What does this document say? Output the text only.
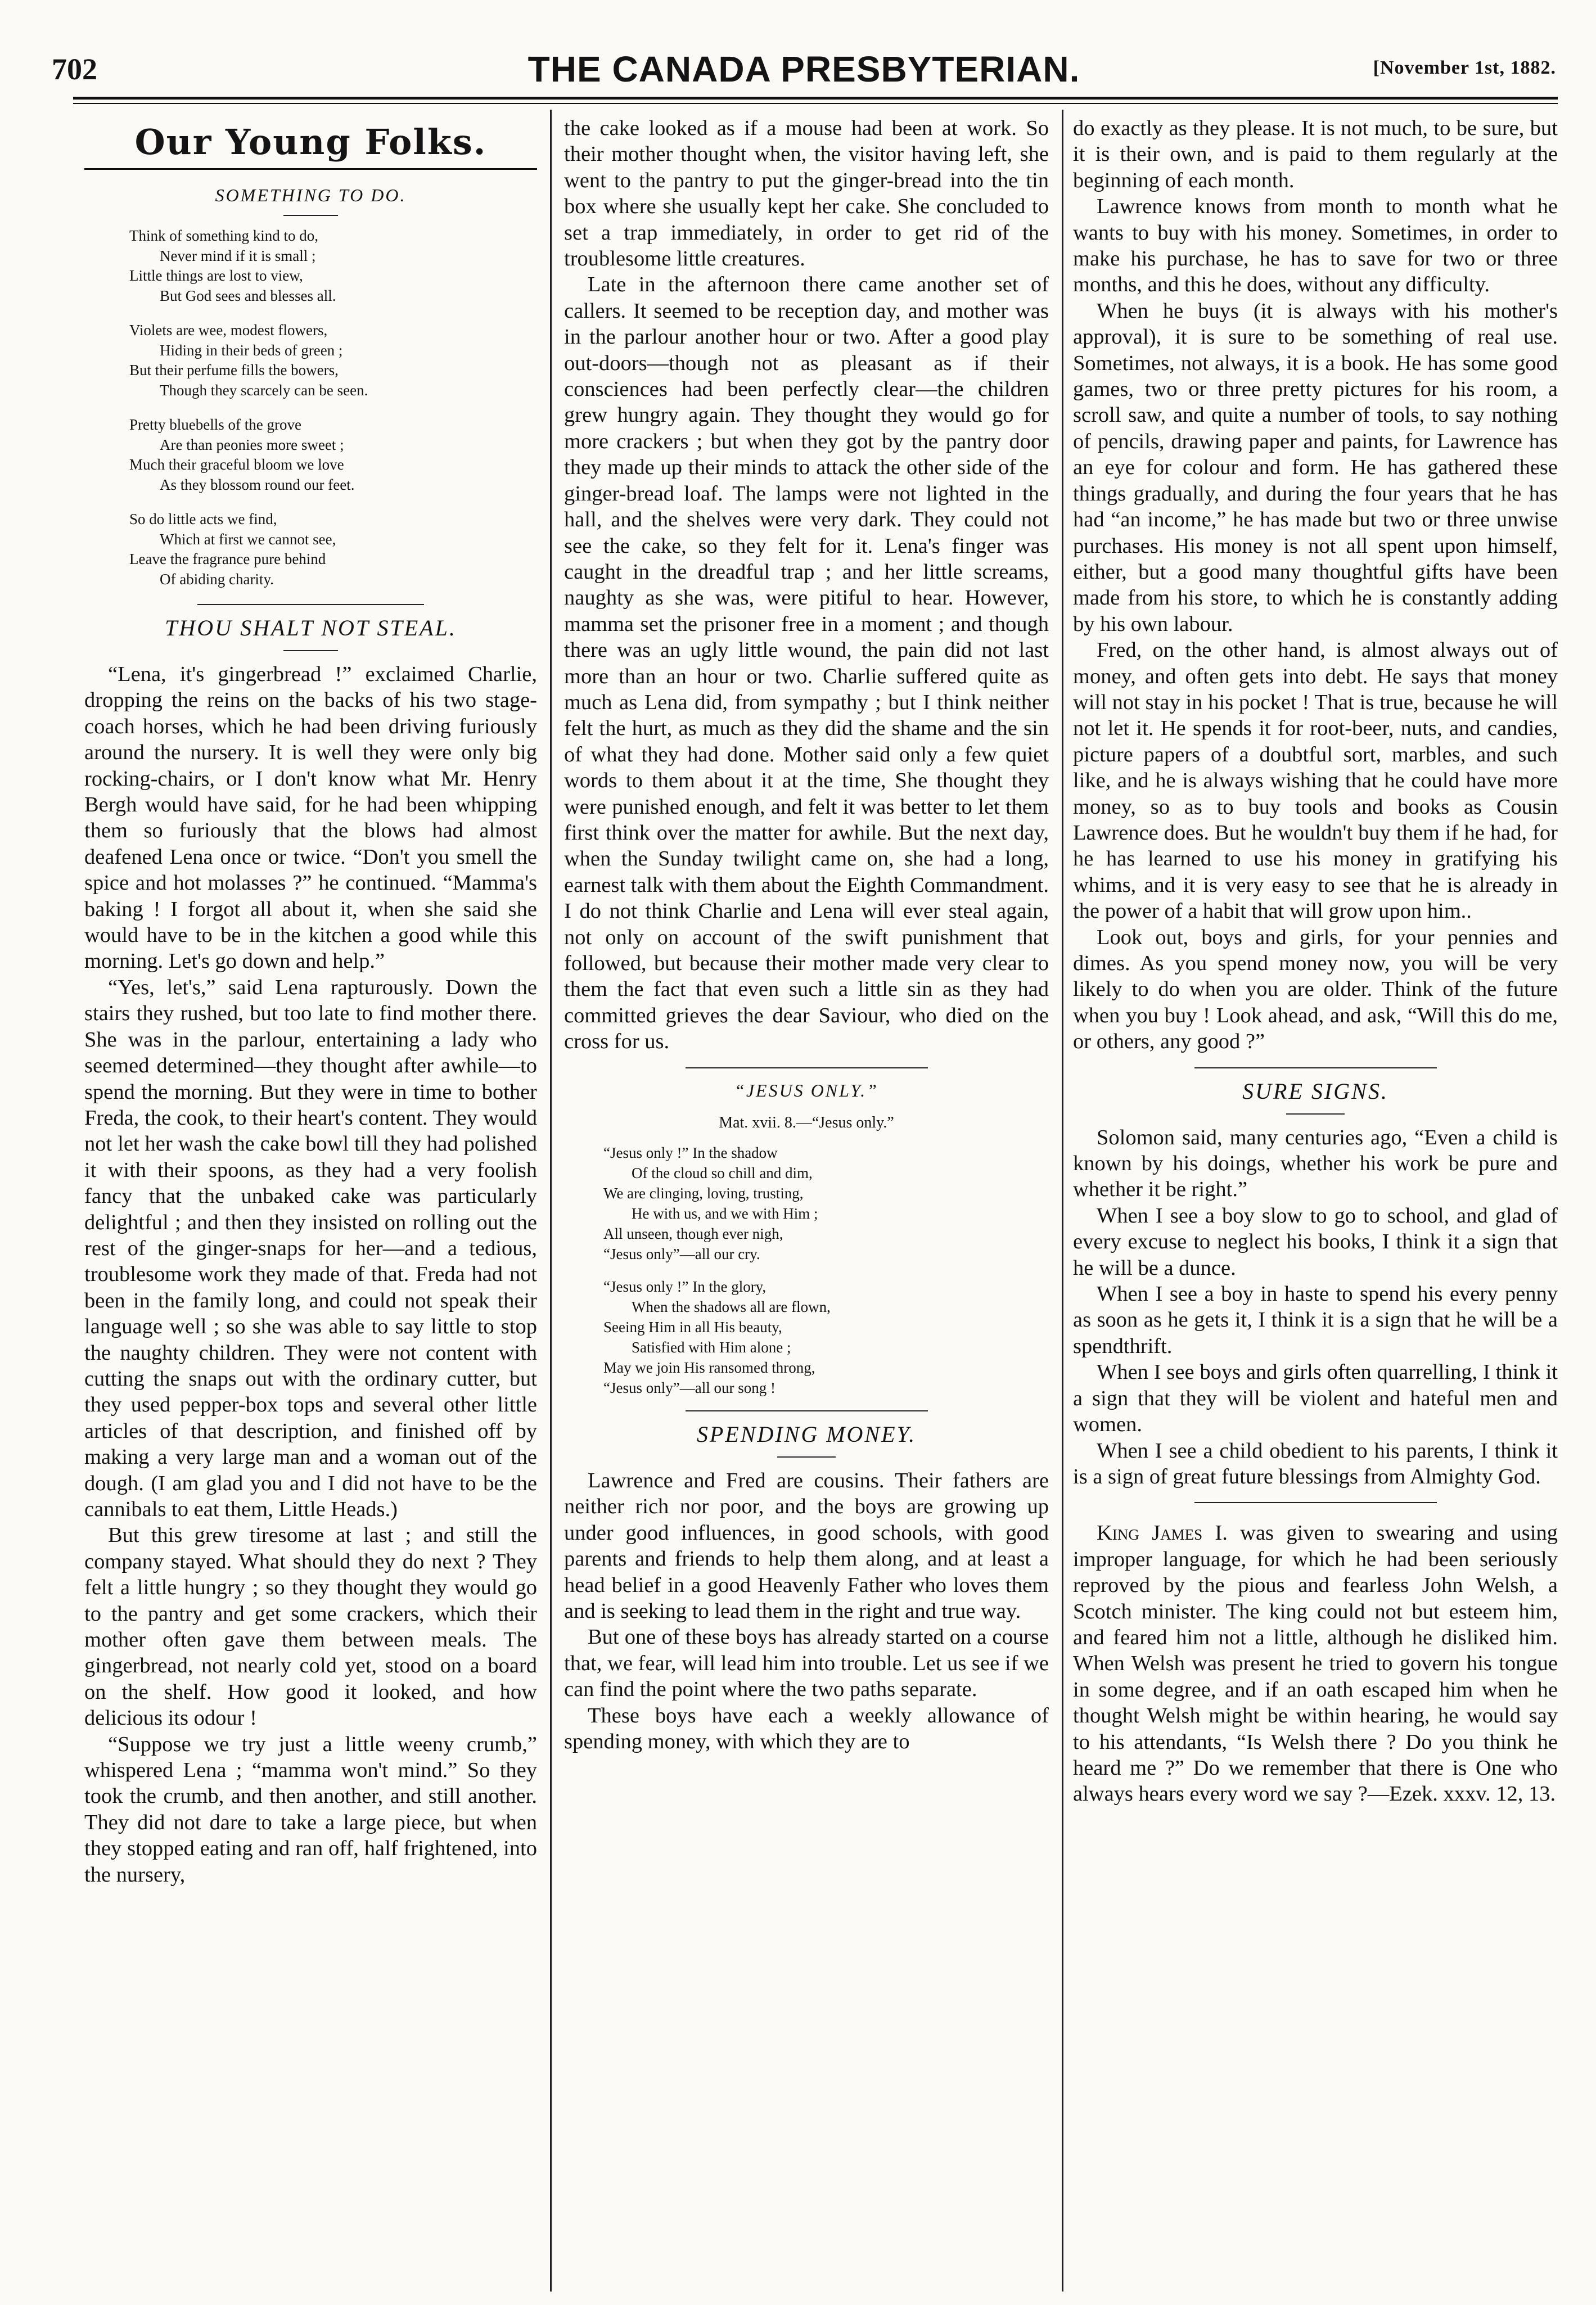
702	THE CANADA PRESBYTERIAN.	[November 1st, 1882.
Our Young Folks.
SOMETHING TO DO.
Think of something kind to do,
Never mind if it is small ;
Little things are lost to view,
But God sees and blesses all.
Violets are wee, modest flowers,
Hiding in their beds of green ;
But their perfume fills the bowers,
Though they scarcely can be seen.
Pretty bluebells of the grove
Are than peonies more sweet ;
Much their graceful bloom we love
As they blossom round our feet.
So do little acts we find,
Which at first we cannot see,
Leave the fragrance pure behind
Of abiding charity.
THOU SHALT NOT STEAL.

“Lena, it's gingerbread !” exclaimed Charlie, dropping the reins on the backs of his two stage-coach horses, which he had been driving furiously around the nursery. It is well they were only big rocking-chairs, or I don't know what Mr. Henry Bergh would have said, for he had been whipping them so furiously that the blows had almost deafened Lena once or twice. “Don't you smell the spice and hot molasses ?” he continued. “Mamma's baking ! I forgot all about it, when she said she would have to be in the kitchen a good while this morning. Let's go down and help.”

“Yes, let's,” said Lena rapturously. Down the stairs they rushed, but too late to find mother there. She was in the parlour, entertaining a lady who seemed determined—they thought after awhile—to spend the morning. But they were in time to bother Freda, the cook, to their heart's content. They would not let her wash the cake bowl till they had polished it with their spoons, as they had a very foolish fancy that the unbaked cake was particularly delightful ; and then they insisted on rolling out the rest of the ginger-snaps for her—and a tedious, troublesome work they made of that. Freda had not been in the family long, and could not speak their language well ; so she was able to say little to stop the naughty children. They were not content with cutting the snaps out with the ordinary cutter, but they used pepper-box tops and several other little articles of that description, and finished off by making a very large man and a woman out of the dough. (I am glad you and I did not have to be the cannibals to eat them, Little Heads.)

But this grew tiresome at last ; and still the company stayed. What should they do next ? They felt a little hungry ; so they thought they would go to the pantry and get some crackers, which their mother often gave them between meals. The gingerbread, not nearly cold yet, stood on a board on the shelf. How good it looked, and how delicious its odour !

“Suppose we try just a little weeny crumb,” whispered Lena ; “mamma won't mind.” So they took the crumb, and then another, and still another. They did not dare to take a large piece, but when they stopped eating and ran off, half frightened, into the nursery,

the cake looked as if a mouse had been at work. So their mother thought when, the visitor having left, she went to the pantry to put the ginger-bread into the tin box where she usually kept her cake. She concluded to set a trap immediately, in order to get rid of the troublesome little creatures.

Late in the afternoon there came another set of callers. It seemed to be reception day, and mother was in the parlour another hour or two. After a good play out-doors—though not as pleasant as if their consciences had been perfectly clear—the children grew hungry again. They thought they would go for more crackers ; but when they got by the pantry door they made up their minds to attack the other side of the ginger-bread loaf. The lamps were not lighted in the hall, and the shelves were very dark. They could not see the cake, so they felt for it. Lena's finger was caught in the dreadful trap ; and her little screams, naughty as she was, were pitiful to hear. However, mamma set the prisoner free in a moment ; and though there was an ugly little wound, the pain did not last more than an hour or two. Charlie suffered quite as much as Lena did, from sympathy ; but I think neither felt the hurt, as much as they did the shame and the sin of what they had done. Mother said only a few quiet words to them about it at the time, She thought they were punished enough, and felt it was better to let them first think over the matter for awhile. But the next day, when the Sunday twilight came on, she had a long, earnest talk with them about the Eighth Commandment. I do not think Charlie and Lena will ever steal again, not only on account of the swift punishment that followed, but because their mother made very clear to them the fact that even such a little sin as they had committed grieves the dear Saviour, who died on the cross for us.

“JESUS ONLY.”
Mat. xvii. 8.—“Jesus only.”
“Jesus only !” In the shadow
Of the cloud so chill and dim,
We are clinging, loving, trusting,
He with us, and we with Him ;
All unseen, though ever nigh,
“Jesus only”—all our cry.
“Jesus only !” In the glory,
When the shadows all are flown,
Seeing Him in all His beauty,
Satisfied with Him alone ;
May we join His ransomed throng,
“Jesus only”—all our song !
SPENDING MONEY.

Lawrence and Fred are cousins. Their fathers are neither rich nor poor, and the boys are growing up under good influences, in good schools, with good parents and friends to help them along, and at least a head belief in a good Heavenly Father who loves them and is seeking to lead them in the right and true way.

But one of these boys has already started on a course that, we fear, will lead him into trouble. Let us see if we can find the point where the two paths separate.

These boys have each a weekly allowance of spending money, with which they are to

do exactly as they please. It is not much, to be sure, but it is their own, and is paid to them regularly at the beginning of each month.

Lawrence knows from month to month what he wants to buy with his money. Sometimes, in order to make his purchase, he has to save for two or three months, and this he does, without any difficulty.

When he buys (it is always with his mother's approval), it is sure to be something of real use. Sometimes, not always, it is a book. He has some good games, two or three pretty pictures for his room, a scroll saw, and quite a number of tools, to say nothing of pencils, drawing paper and paints, for Lawrence has an eye for colour and form. He has gathered these things gradually, and during the four years that he has had “an income,” he has made but two or three unwise purchases. His money is not all spent upon himself, either, but a good many thoughtful gifts have been made from his store, to which he is constantly adding by his own labour.

Fred, on the other hand, is almost always out of money, and often gets into debt. He says that money will not stay in his pocket ! That is true, because he will not let it. He spends it for root-beer, nuts, and candies, picture papers of a doubtful sort, marbles, and such like, and he is always wishing that he could have more money, so as to buy tools and books as Cousin Lawrence does. But he wouldn't buy them if he had, for he has learned to use his money in gratifying his whims, and it is very easy to see that he is already in the power of a habit that will grow upon him..

Look out, boys and girls, for your pennies and dimes. As you spend money now, you will be very likely to do when you are older. Think of the future when you buy ! Look ahead, and ask, “Will this do me, or others, any good ?”

SURE SIGNS.

Solomon said, many centuries ago, “Even a child is known by his doings, whether his work be pure and whether it be right.”

When I see a boy slow to go to school, and glad of every excuse to neglect his books, I think it a sign that he will be a dunce.

When I see a boy in haste to spend his every penny as soon as he gets it, I think it is a sign that he will be a spendthrift.

When I see boys and girls often quarrelling, I think it a sign that they will be violent and hateful men and women.

When I see a child obedient to his parents, I think it is a sign of great future blessings from Almighty God.

King James I. was given to swearing and using improper language, for which he had been seriously reproved by the pious and fearless John Welsh, a Scotch minister. The king could not but esteem him, and feared him not a little, although he disliked him. When Welsh was present he tried to govern his tongue in some degree, and if an oath escaped him when he thought Welsh might be within hearing, he would say to his attendants, “Is Welsh there ? Do you think he heard me ?” Do we remember that there is One who always hears every word we say ?—Ezek. xxxv. 12, 13.
